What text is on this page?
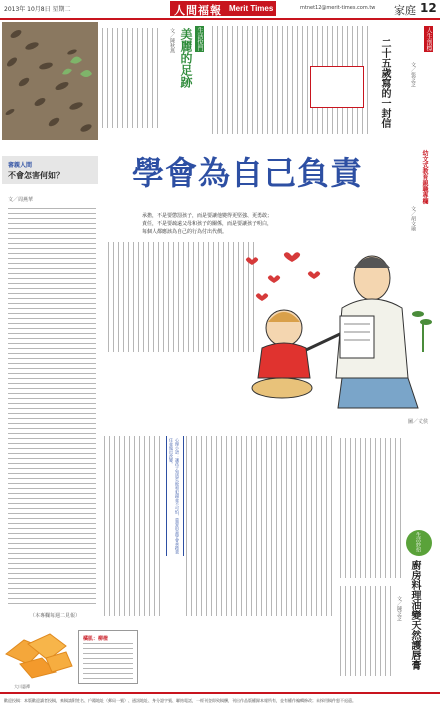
2013年 10月8日 星期二	人間福報 Merit Times	mtnet12@merit-times.com.tw 家庭 12
生活悅門
美麗的足跡
文／陳秋燕	二十五歲寫的一封信	文／張芝芝
人生剖標
審親人間
不會怎害何如？
文／周燕華
（本專欄每週二見報）
學會為自己負責	幼文式教育親職專欄
文／胡文瑜
承擔，不是要懲罰孩子，而是要讓他變得更堅強、更勇敢；
責任，不是要疏遠父母和孩子的關係，而是要讓孩子明白，
每個人都應該為自己的行為付出代價。
圖／丈侯
心理小語：讓孩子知道失敗和犯錯並不可怕，重要的是學會承擔責任並做出改變。
生活妙招
廚房料理油變天然護唇膏
文／陳芝芝
大川惠禪
橘肌：柳橙
歡迎投稿：本版歡迎讀者投稿，來稿請附姓名、戶籍地址（郵局一號）、通訊地址、身分證字號、聯絡電話，一經刊登即致稿酬，刊出作品版權歸本報所有，並有權作編輯修改；未採用稿件恕不退還。
